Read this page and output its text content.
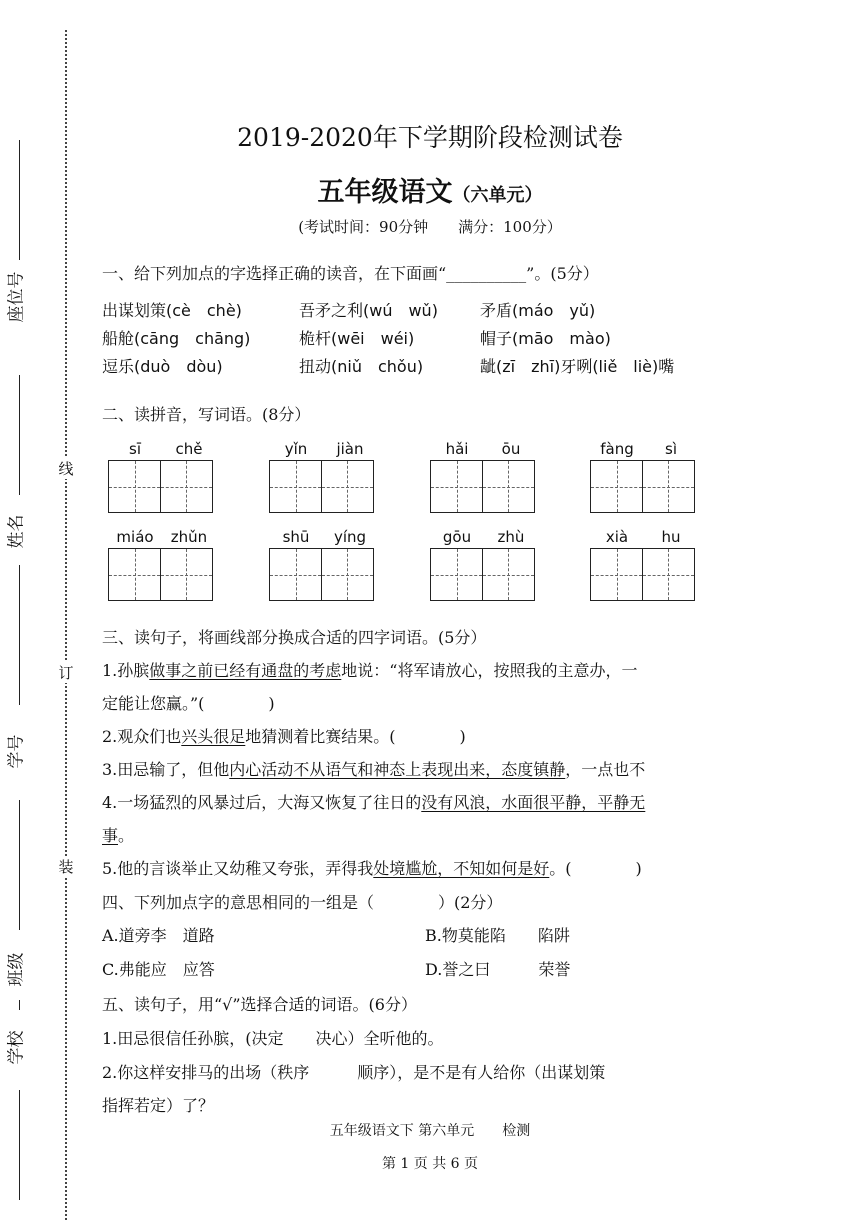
座位号
姓名
学号
班级
学校
线
订
装
2019-2020年下学期阶段检测试卷
五年级语文（六单元）
(考试时间：90分钟　　满分：100分）
一、给下列加点的字选择正确的读音，在下面画“__________”。(5分）
出谋划策(cè　chè)	吾矛之利(wú　wǔ)	矛盾(máo　yǔ)
船舱(cāng　chāng)	桅杆(wēi　wéi)	帽子(māo　mào)
逗乐(duò　dòu)	扭动(niǔ　chǒu)	龇(zī　zhī)牙咧(liě　liè)嘴
二、读拼音，写词语。(8分）
sī	chě	yǐn	jiàn	hǎi	ōu	fàng	sì
miáo	zhǔn	shū	yíng	gōu	zhù	xià	hu
三、读句子，将画线部分换成合适的四字词语。(5分）
1.孙膑做事之前已经有通盘的考虑地说：“将军请放心，按照我的主意办，一
定能让您赢。”(　　　　)
2.观众们也兴头很足地猜测着比赛结果。(　　　　)
3.田忌输了，但他内心活动不从语气和神态上表现出来，态度镇静，一点也不
4.一场猛烈的风暴过后，大海又恢复了往日的没有风浪，水面很平静，平静无
事。
5.他的言谈举止又幼稚又夸张，弄得我处境尴尬，不知如何是好。(　　　　)
四、下列加点字的意思相同的一组是（　　　　）(2分）
A.道旁李　道路	B.物莫能陷　　陷阱
C.弗能应　应答	D.誉之曰　　　荣誉
五、读句子，用“√”选择合适的词语。(6分）
1.田忌很信任孙膑，(决定　　决心）全听他的。
2.你这样安排马的出场（秩序　　　顺序），是不是有人给你（出谋划策
指挥若定）了？
五年级语文下 第六单元　　检测
第 1 页 共 6 页
